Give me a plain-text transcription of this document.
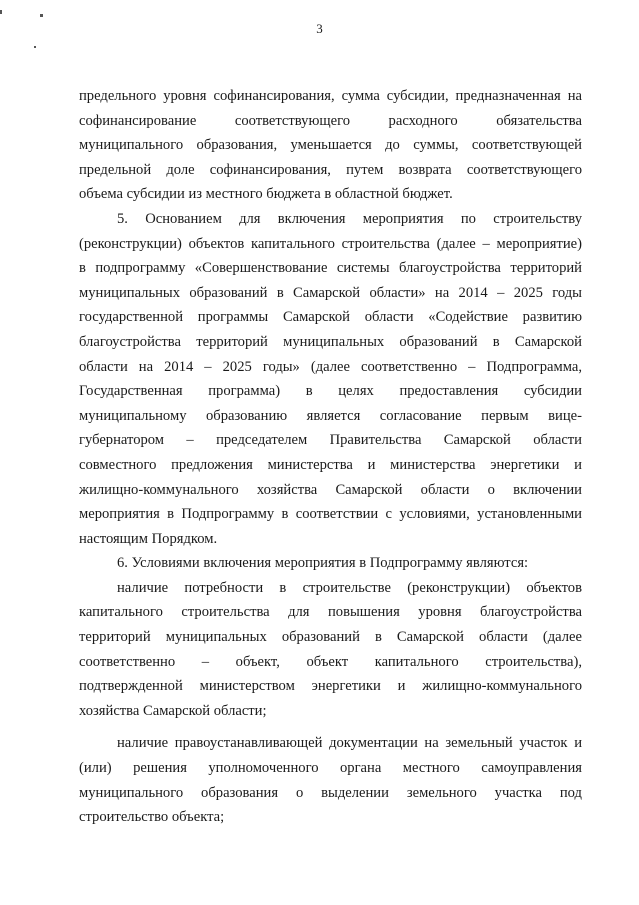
3
предельного уровня софинансирования, сумма субсидии, предназначенная на
софинансирование соответствующего расходного обязательства
муниципального образования, уменьшается до суммы, соответствующей
предельной доле софинансирования, путем возврата соответствующего
объема субсидии из местного бюджета в областной бюджет.
5. Основанием для включения мероприятия по строительству
(реконструкции) объектов капитального строительства (далее – мероприятие)
в подпрограмму «Совершенствование системы благоустройства территорий
муниципальных образований в Самарской области» на 2014 – 2025 годы
государственной программы Самарской области «Содействие развитию
благоустройства территорий муниципальных образований в Самарской
области на 2014 – 2025 годы» (далее соответственно – Подпрограмма,
Государственная программа) в целях предоставления субсидии
муниципальному образованию является согласование первым вице-
губернатором – председателем Правительства Самарской области
совместного предложения министерства и министерства энергетики и
жилищно-коммунального хозяйства Самарской области о включении
мероприятия в Подпрограмму в соответствии с условиями, установленными
настоящим Порядком.
6. Условиями включения мероприятия в Подпрограмму являются:
наличие потребности в строительстве (реконструкции) объектов
капитального строительства для повышения уровня благоустройства
территорий муниципальных образований в Самарской области (далее
соответственно – объект, объект капитального строительства),
подтвержденной министерством энергетики и жилищно-коммунального
хозяйства Самарской области;
наличие правоустанавливающей документации на земельный участок и
(или) решения уполномоченного органа местного самоуправления
муниципального образования о выделении земельного участка под
строительство объекта;
